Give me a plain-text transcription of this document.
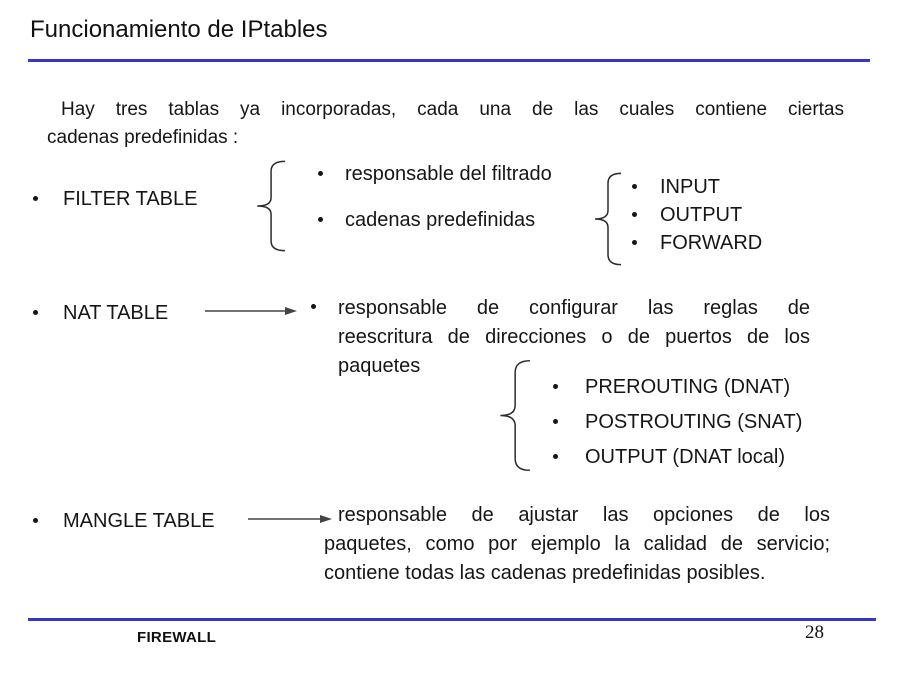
Funcionamiento de IPtables
Hay tres tablas ya incorporadas, cada una de las cuales contiene ciertas
cadenas predefinidas :
FILTER TABLE
responsable del filtrado
cadenas predefinidas
INPUT
OUTPUT
FORWARD
NAT TABLE	responsable de configurar las reglas de
reescritura de direcciones o de puertos de los
paquetes
PREROUTING (DNAT)
POSTROUTING (SNAT)
OUTPUT (DNAT local)
MANGLE TABLE	responsable de ajustar las opciones de los
paquetes, como por ejemplo la calidad de servicio;
contiene todas las cadenas predefinidas posibles.
FIREWALL	28
